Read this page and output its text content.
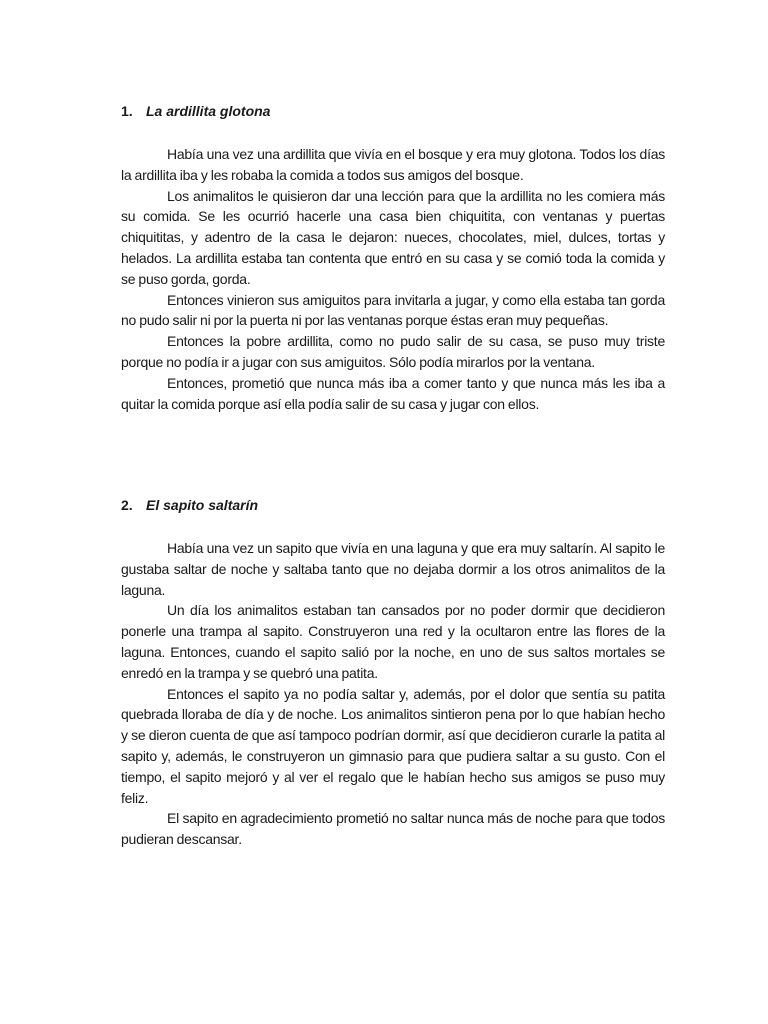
1. La ardillita glotona

Había una vez una ardillita que vivía en el bosque y era muy glotona. Todos los días la ardillita iba y les robaba la comida a todos sus amigos del bosque.

Los animalitos le quisieron dar una lección para que la ardillita no les comiera más su comida. Se les ocurrió hacerle una casa bien chiquitita, con ventanas y puertas chiquititas, y adentro de la casa le dejaron: nueces, chocolates, miel, dulces, tortas y helados. La ardillita estaba tan contenta que entró en su casa y se comió toda la comida y se puso gorda, gorda.

Entonces vinieron sus amiguitos para invitarla a jugar, y como ella estaba tan gorda no pudo salir ni por la puerta ni por las ventanas porque éstas eran muy pequeñas.

Entonces la pobre ardillita, como no pudo salir de su casa, se puso muy triste porque no podía ir a jugar con sus amiguitos. Sólo podía mirarlos por la ventana.

Entonces, prometió que nunca más iba a comer tanto y que nunca más les iba a quitar la comida porque así ella podía salir de su casa y jugar con ellos.

2. El sapito saltarín

Había una vez un sapito que vivía en una laguna y que era muy saltarín. Al sapito le gustaba saltar de noche y saltaba tanto que no dejaba dormir a los otros animalitos de la laguna.

Un día los animalitos estaban tan cansados por no poder dormir que decidieron ponerle una trampa al sapito. Construyeron una red y la ocultaron entre las flores de la laguna. Entonces, cuando el sapito salió por la noche, en uno de sus saltos mortales se enredó en la trampa y se quebró una patita.

Entonces el sapito ya no podía saltar y, además, por el dolor que sentía su patita quebrada lloraba de día y de noche. Los animalitos sintieron pena por lo que habían hecho y se dieron cuenta de que así tampoco podrían dormir, así que decidieron curarle la patita al sapito y, además, le construyeron un gimnasio para que pudiera saltar a su gusto. Con el tiempo, el sapito mejoró y al ver el regalo que le habían hecho sus amigos se puso muy feliz.

El sapito en agradecimiento prometió no saltar nunca más de noche para que todos pudieran descansar.
